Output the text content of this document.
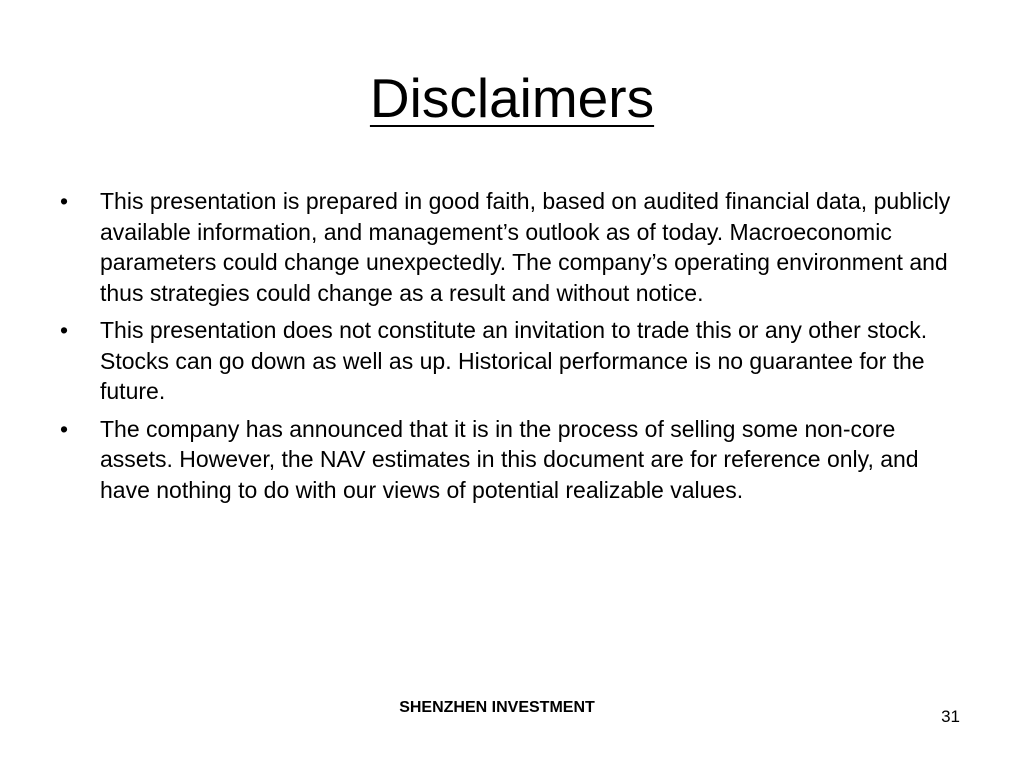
Disclaimers
•	This presentation is prepared in good faith, based on audited financial data, publicly available information, and management’s outlook as of today. Macroeconomic parameters could change unexpectedly. The company’s operating environment and thus strategies could change as a result and without notice.
•	This presentation does not constitute an invitation to trade this or any other stock. Stocks can go down as well as up. Historical performance is no guarantee for the future.
•	The company has announced that it is in the process of selling some non-core assets. However, the NAV estimates in this document are for reference only, and have nothing to do with our views of potential realizable values.
SHENZHEN INVESTMENT	31
